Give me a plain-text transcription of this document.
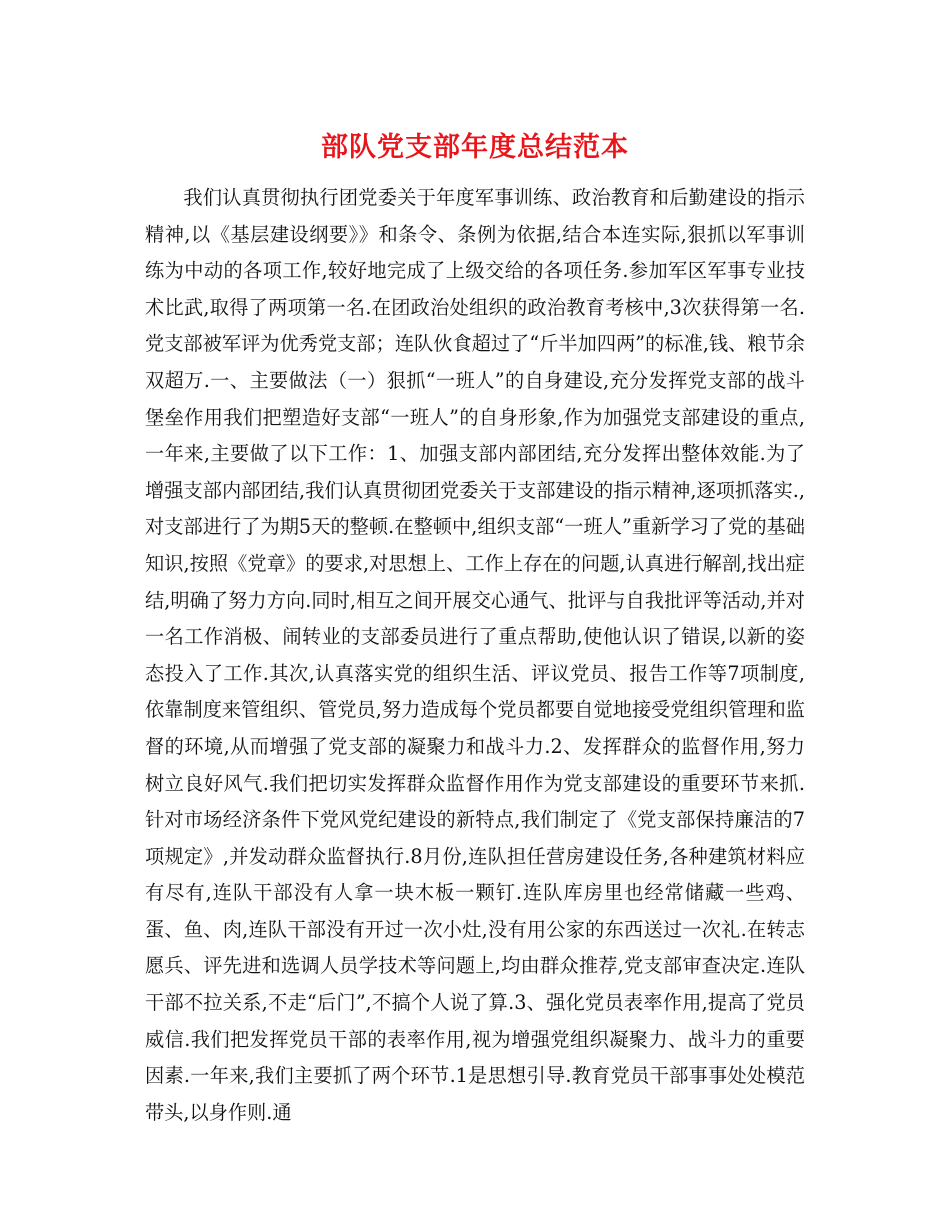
部队党支部年度总结范本

我们认真贯彻执行团党委关于年度军事训练、政治教育和后勤建设的指示精神,以《基层建设纲要》》和条令、条例为依据,结合本连实际,狠抓以军事训练为中动的各项工作,较好地完成了上级交给的各项任务.参加军区军事专业技术比武,取得了两项第一名.在团政治处组织的政治教育考核中,3次获得第一名.党支部被军评为优秀党支部；连队伙食超过了“斤半加四两”的标准,钱、粮节余双超万.一、主要做法（一）狠抓“一班人”的自身建设,充分发挥党支部的战斗堡垒作用我们把塑造好支部“一班人”的自身形象,作为加强党支部建设的重点,一年来,主要做了以下工作：1、加强支部内部团结,充分发挥出整体效能.为了增强支部内部团结,我们认真贯彻团党委关于支部建设的指示精神,逐项抓落实.,对支部进行了为期5天的整顿.在整顿中,组织支部“一班人”重新学习了党的基础知识,按照《党章》的要求,对思想上、工作上存在的问题,认真进行解剖,找出症结,明确了努力方向.同时,相互之间开展交心通气、批评与自我批评等活动,并对一名工作消极、闹转业的支部委员进行了重点帮助,使他认识了错误,以新的姿态投入了工作.其次,认真落实党的组织生活、评议党员、报告工作等7项制度,依靠制度来管组织、管党员,努力造成每个党员都要自觉地接受党组织管理和监督的环境,从而增强了党支部的凝聚力和战斗力.2、发挥群众的监督作用,努力树立良好风气.我们把切实发挥群众监督作用作为党支部建设的重要环节来抓.针对市场经济条件下党风党纪建设的新特点,我们制定了《党支部保持廉洁的7项规定》,并发动群众监督执行.8月份,连队担任营房建设任务,各种建筑材料应有尽有,连队干部没有人拿一块木板一颗钉.连队库房里也经常储藏一些鸡、蛋、鱼、肉,连队干部没有开过一次小灶,没有用公家的东西送过一次礼.在转志愿兵、评先进和选调人员学技术等问题上,均由群众推荐,党支部审查决定.连队干部不拉关系,不走“后门”,不搞个人说了算.3、强化党员表率作用,提高了党员威信.我们把发挥党员干部的表率作用,视为增强党组织凝聚力、战斗力的重要因素.一年来,我们主要抓了两个环节.1是思想引导.教育党员干部事事处处模范带头,以身作则.通
